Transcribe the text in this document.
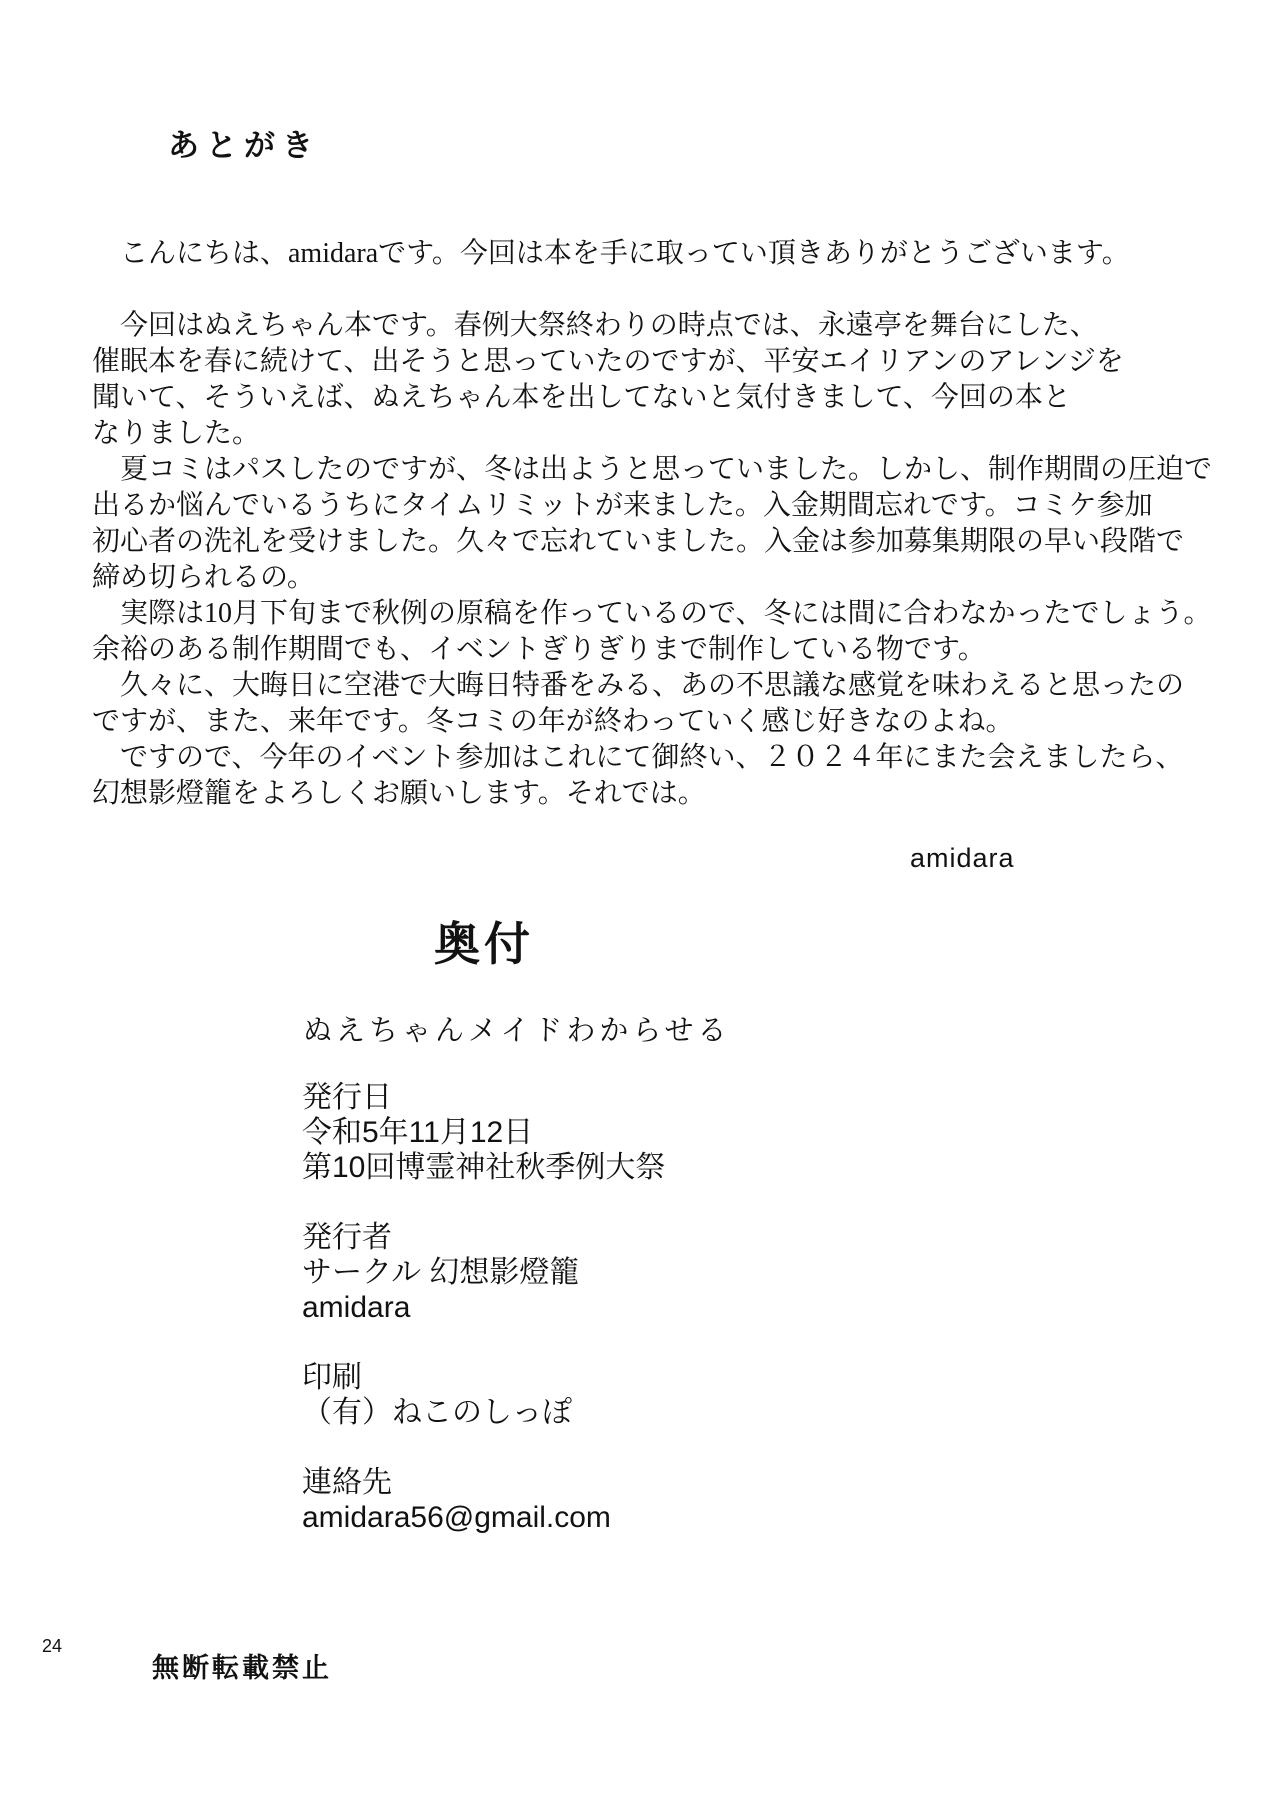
あとがき

　こんにちは、amidaraです。今回は本を手に取ってい頂きありがとうございます。

　今回はぬえちゃん本です。春例大祭終わりの時点では、永遠亭を舞台にした、
催眠本を春に続けて、出そうと思っていたのですが、平安エイリアンのアレンジを
聞いて、そういえば、ぬえちゃん本を出してないと気付きまして、今回の本と
なりました。

　夏コミはパスしたのですが、冬は出ようと思っていました。しかし、制作期間の圧迫で
出るか悩んでいるうちにタイムリミットが来ました。入金期間忘れです。コミケ参加
初心者の洗礼を受けました。久々で忘れていました。入金は参加募集期限の早い段階で
締め切られるの。

　実際は10月下旬まで秋例の原稿を作っているので、冬には間に合わなかったでしょう。
余裕のある制作期間でも、イベントぎりぎりまで制作している物です。

　久々に、大晦日に空港で大晦日特番をみる、あの不思議な感覚を味わえると思ったの
ですが、また、来年です。冬コミの年が終わっていく感じ好きなのよね。

　ですので、今年のイベント参加はこれにて御終い、２０２４年にまた会えましたら、
幻想影燈籠をよろしくお願いします。それでは。

amidara
奥付
ぬえちゃんメイドわからせる
発行日
令和5年11月12日
第10回博霊神社秋季例大祭
発行者
サークル 幻想影燈籠
amidara
印刷
（有）ねこのしっぽ
連絡先
amidara56@gmail.com
24
無断転載禁止
